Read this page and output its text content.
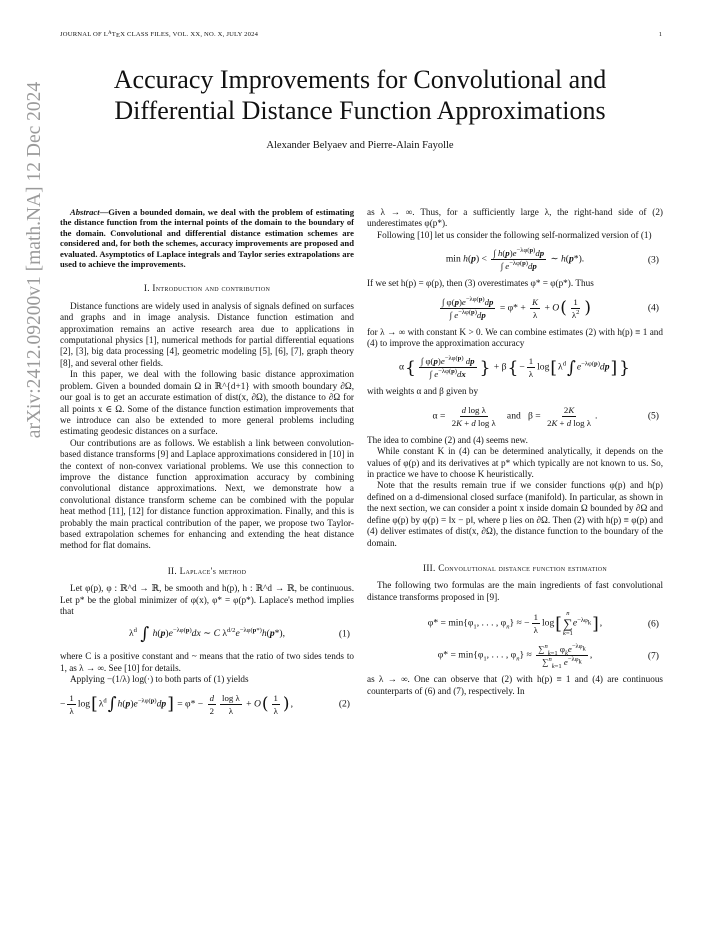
JOURNAL OF $L^ATEX$ CLASS FILES, VOL. XX, NO. X, JULY 2024	1
arXiv:2412.09200v1 [math.NA] 12 Dec 2024
Accuracy Improvements for Convolutional and Differential Distance Function Approximations
Alexander Belyaev and Pierre-Alain Fayolle

Abstract—Given a bounded domain, we deal with the problem of estimating the distance function from the internal points of the domain to the boundary of the domain. Convolutional and differential distance estimation schemes are considered and, for both the schemes, accuracy improvements are proposed and evaluated. Asymptotics of Laplace integrals and Taylor series extrapolations are used to achieve the improvements.

I. Introduction and contribution

Distance functions are widely used in analysis of signals defined on surfaces and graphs and in image analysis. Distance function estimation and approximation remains an active research area due to applications in computational physics [1], numerical methods for partial differential equations [2], [3], big data processing [4], geometric modeling [5], [6], [7], graph theory [8], and several other fields.

In this paper, we deal with the following basic distance approximation problem. Given a bounded domain Ω in ℝ^{d+1} with smooth boundary ∂Ω, our goal is to get an accurate estimation of dist(x, ∂Ω), the distance to ∂Ω for all points x ∈ Ω. Some of the distance function estimation improvements that we introduce can also be extended to more general problems including estimating geodesic distances on a surface.

Our contributions are as follows. We establish a link between convolution-based distance transforms [9] and Laplace approximations considered in [10] in the context of non-convex variational problems. We use this connection to improve the distance function approximation accuracy by combining convolutional distance approximations. Next, we demonstrate how a convolutional distance transform scheme can be combined with the popular heat method [11], [12] for distance function approximation. Finally, and this is probably the main practical contribution of the paper, we propose two Taylor-based extrapolation schemes for enhancing and extending the heat distance method for flat domains.

II. Laplace's method

Let φ(p), φ : ℝ^d → ℝ, be smooth and h(p), h : ℝ^d → ℝ, be continuous. Let p* be the global minimizer of φ(x), φ* = φ(p*). Laplace's method implies that

$\lambda^d$ ∫ $h(p)e^{-\lambda\varphi(p)}dx$ ∼ C $\lambda^{d/2}e^{-\lambda\varphi(p*)}h(p*)$,	(1)

where C is a positive constant and ~ means that the ratio of two sides tends to 1, as λ → ∞. See [10] for details.

Applying −(1/λ) log(·) to both parts of (1) yields

− $\frac{1}{\lambda} \log[\lambda^d\int h(p)e^{-\lambda\varphi(p)}dp] = \varphi* - \frac{d}{2} \frac{\text{log λ}}{\lambda} + O( \frac{1}{\lambda}$ ),	(2)

as λ → ∞. Thus, for a sufficiently large λ, the right-hand side of (2) underestimates φ(p*).

Following [10] let us consider the following self-normalized version of (1)

$\min h(p) < \frac{\int h(p)e^{-\lambda\varphi(p)}dp}{\int e^{-\lambda\varphi(p)}dp}$ ∼ h(p*).	(3)

If we set h(p) = φ(p), then (3) overestimates φ* = φ(p*). Thus

$\frac{\int \varphi(p)e^{-\lambda\varphi(p)}dp}{\int e^{-\lambda\varphi(p)}dp} = \varphi* + \frac{K}{\lambda} + O( \frac{1}{\lambda^2}$ )	(4)

for λ → ∞ with constant K > 0. We can combine estimates (2) with h(p) ≡ 1 and (4) to improve the approximation accuracy

$\alpha\{ \frac{\int \varphi(p)e^{-\lambda\varphi(p)} dp}{\int e^{-\lambda\varphi(p)}dx}$ } + $\beta\{- \frac{1}{\lambda} \log[\lambda^d\int e^{-\lambda\varphi(p)}dp]$ }

with weights α and β given by

$\alpha = \frac{\text{d log λ}}{\text{2K + d log λ}}$ and   $\beta = \frac{2K}{\text{2K + d log λ}}$ .	(5)

The idea to combine (2) and (4) seems new.

While constant K in (4) can be determined analytically, it depends on the values of φ(p) and its derivatives at p* which typically are not known to us. So, in practice we have to choose K heuristically.

Note that the results remain true if we consider functions φ(p) and h(p) defined on a d-dimensional closed surface (manifold). In particular, as shown in the next section, we can consider a point x inside domain Ω bounded by ∂Ω and define φ(p) by φ(p) = ‖x − p‖, where p lies on ∂Ω. Then (2) with h(p) ≡ φ(p) and (4) deliver estimates of dist(x, ∂Ω), the distance function to the boundary of the domain.

III. Convolutional distance function estimation

The following two formulas are the main ingredients of fast convolutional distance transforms proposed in [9].

$\varphi* = \min\{\varphi_1$, . . . , $\varphi_n$} ≈ − $\frac{1}{\lambda} \log$[ n
∑
k=1
$e^{-\lambda\varphi_k}$],	(6)
$\varphi* = \min\{\varphi_1$, . . . , $\varphi_n\} \approx \frac{\sum^n_{k=1} \varphi_ke^{-\lambda\varphi_k}}{\sum^n_{k=1} e^{-\lambda\varphi_k}}$ ,	(7)

as λ → ∞. One can observe that (2) with h(p) ≡ 1 and (4) are continuous counterparts of (6) and (7), respectively. In
